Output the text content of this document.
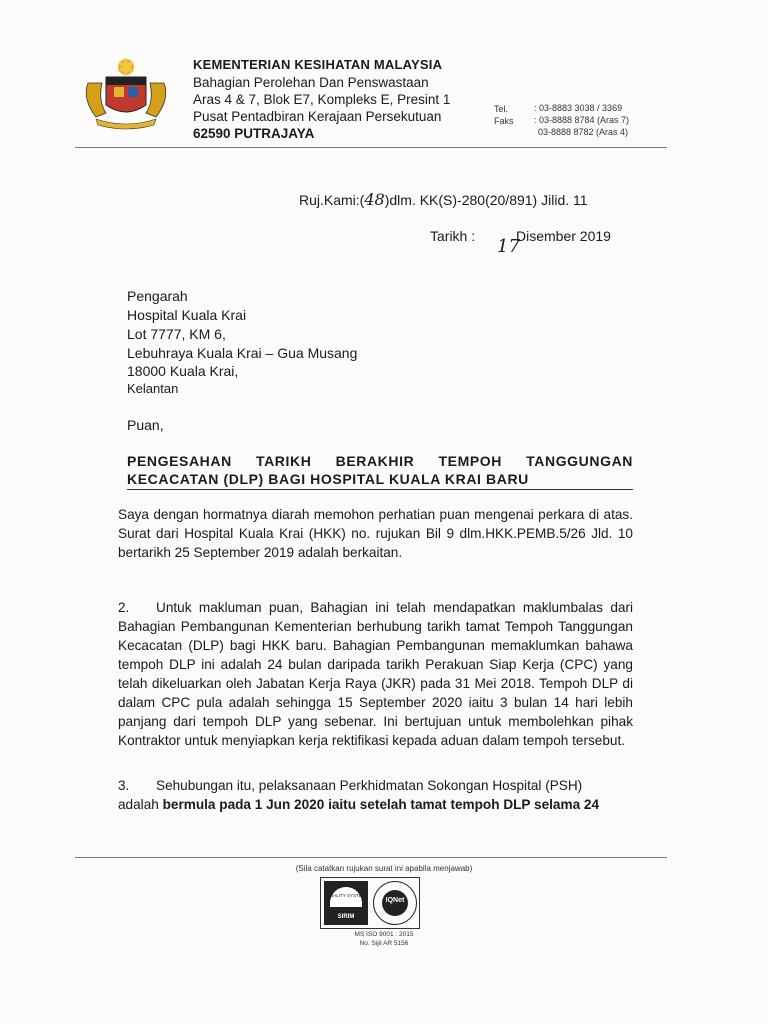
KEMENTERIAN KESIHATAN MALAYSIA
Bahagian Perolehan Dan Penswastaan
Aras 4 & 7, Blok E7, Kompleks E, Presint 1
Pusat Pentadbiran Kerajaan Persekutuan
62590 PUTRAJAYA
Tel.	: 03-8883 3038 / 3369
Faks : 03-8888 8784 (Aras 7)
03-8888 8782 (Aras 4)
Ruj.Kami:(48)dlm. KK(S)-280(20/891) Jilid. 11
Tarikh : 17
Disember 2019
Pengarah
Hospital Kuala Krai
Lot 7777, KM 6,
Lebuhraya Kuala Krai – Gua Musang
18000 Kuala Krai,
Kelantan
Puan,
PENGESAHAN TARIKH BERAKHIR TEMPOH TANGGUNGAN
KECACATAN (DLP) BAGI HOSPITAL KUALA KRAI BARU

Saya dengan hormatnya diarah memohon perhatian puan mengenai perkara di atas. Surat dari Hospital Kuala Krai (HKK) no. rujukan Bil 9 dlm.HKK.PEMB.5/26 Jld. 10 bertarikh 25 September 2019 adalah berkaitan.

2. Untuk makluman puan, Bahagian ini telah mendapatkan maklumbalas dari Bahagian Pembangunan Kementerian berhubung tarikh tamat Tempoh Tanggungan Kecacatan (DLP) bagi HKK baru. Bahagian Pembangunan memaklumkan bahawa tempoh DLP ini adalah 24 bulan daripada tarikh Perakuan Siap Kerja (CPC) yang telah dikeluarkan oleh Jabatan Kerja Raya (JKR) pada 31 Mei 2018. Tempoh DLP di dalam CPC pula adalah sehingga 15 September 2020 iaitu 3 bulan 14 hari lebih panjang dari tempoh DLP yang sebenar. Ini bertujuan untuk membolehkan pihak Kontraktor untuk menyiapkan kerja rektifikasi kepada aduan dalam tempoh tersebut.

3. Sehubungan itu, pelaksanaan Perkhidmatan Sokongan Hospital (PSH)

adalah bermula pada 1 Jun 2020 iaitu setelah tamat tempoh DLP selama 24

(Sila catatkan rujukan surat ini apabila menjawab)
QUALITY SYSTEM
SIRIM
IQNet
MS ISO 9001 : 2015
No. Sijil AR 5156
